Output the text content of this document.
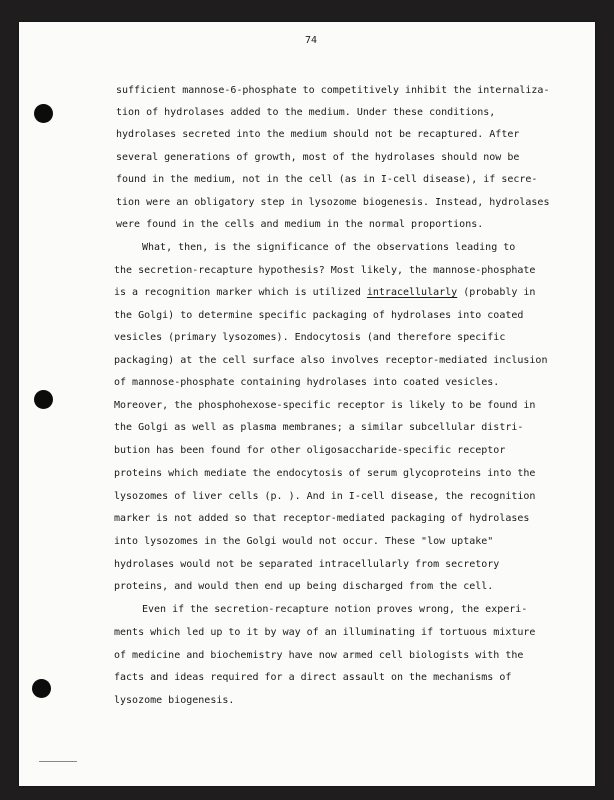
74
sufficient mannose-6-phosphate to competitively inhibit the internaliza-
tion of hydrolases added to the medium. Under these conditions,
hydrolases secreted into the medium should not be recaptured. After
several generations of growth, most of the hydrolases should now be
found in the medium, not in the cell (as in I-cell disease), if secre-
tion were an obligatory step in lysozome biogenesis. Instead, hydrolases
were found in the cells and medium in the normal proportions.
What, then, is the significance of the observations leading to
the secretion-recapture hypothesis? Most likely, the mannose-phosphate
is a recognition marker which is utilized intracellularly (probably in
the Golgi) to determine specific packaging of hydrolases into coated
vesicles (primary lysozomes). Endocytosis (and therefore specific
packaging) at the cell surface also involves receptor-mediated inclusion
of mannose-phosphate containing hydrolases into coated vesicles.
Moreover, the phosphohexose-specific receptor is likely to be found in
the Golgi as well as plasma membranes; a similar subcellular distri-
bution has been found for other oligosaccharide-specific receptor
proteins which mediate the endocytosis of serum glycoproteins into the
lysozomes of liver cells (p. ). And in I-cell disease, the recognition
marker is not added so that receptor-mediated packaging of hydrolases
into lysozomes in the Golgi would not occur. These "low uptake"
hydrolases would not be separated intracellularly from secretory
proteins, and would then end up being discharged from the cell.
Even if the secretion-recapture notion proves wrong, the experi-
ments which led up to it by way of an illuminating if tortuous mixture
of medicine and biochemistry have now armed cell biologists with the
facts and ideas required for a direct assault on the mechanisms of
lysozome biogenesis.
